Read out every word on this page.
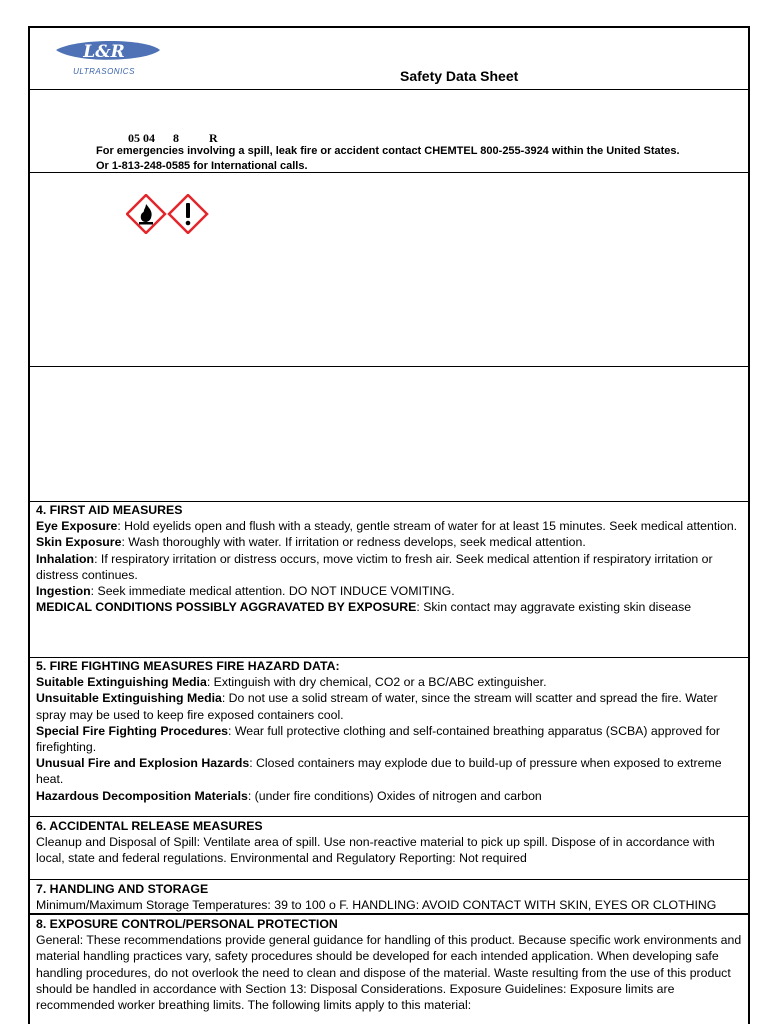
L&R
ULTRASONICS	Safety Data Sheet
05 04      8          R
For emergencies involving a spill, leak fire or accident contact CHEMTEL 800-255-3924 within the United States.
Or 1-813-248-0585 for International calls.

4. FIRST AID MEASURES

Eye Exposure: Hold eyelids open and flush with a steady, gentle stream of water for at least 15 minutes. Seek medical attention.

Skin Exposure: Wash thoroughly with water. If irritation or redness develops, seek medical attention.

Inhalation: If respiratory irritation or distress occurs, move victim to fresh air. Seek medical attention if respiratory irritation or distress continues.

Ingestion: Seek immediate medical attention. DO NOT INDUCE VOMITING.

MEDICAL CONDITIONS POSSIBLY AGGRAVATED BY EXPOSURE: Skin contact may aggravate existing skin disease

5. FIRE FIGHTING MEASURES FIRE HAZARD DATA:

Suitable Extinguishing Media: Extinguish with dry chemical, CO2 or a BC/ABC extinguisher.

Unsuitable Extinguishing Media: Do not use a solid stream of water, since the stream will scatter and spread the fire. Water spray may be used to keep fire exposed containers cool.

Special Fire Fighting Procedures: Wear full protective clothing and self-contained breathing apparatus (SCBA) approved for firefighting.

Unusual Fire and Explosion Hazards: Closed containers may explode due to build-up of pressure when exposed to extreme heat.

Hazardous Decomposition Materials: (under fire conditions) Oxides of nitrogen and carbon

6. ACCIDENTAL RELEASE MEASURES

Cleanup and Disposal of Spill: Ventilate area of spill. Use non-reactive material to pick up spill. Dispose of in accordance with local, state and federal regulations. Environmental and Regulatory Reporting: Not required

7. HANDLING AND STORAGE

Minimum/Maximum Storage Temperatures: 39 to 100 o F. HANDLING: AVOID CONTACT WITH SKIN, EYES OR CLOTHING

8. EXPOSURE CONTROL/PERSONAL PROTECTION

General: These recommendations provide general guidance for handling of this product. Because specific work environments and material handling practices vary, safety procedures should be developed for each intended application. When developing safe handling procedures, do not overlook the need to clean and dispose of the material. Waste resulting from the use of this product should be handled in accordance with Section 13: Disposal Considerations. Exposure Guidelines: Exposure limits are recommended worker breathing limits. The following limits apply to this material:
